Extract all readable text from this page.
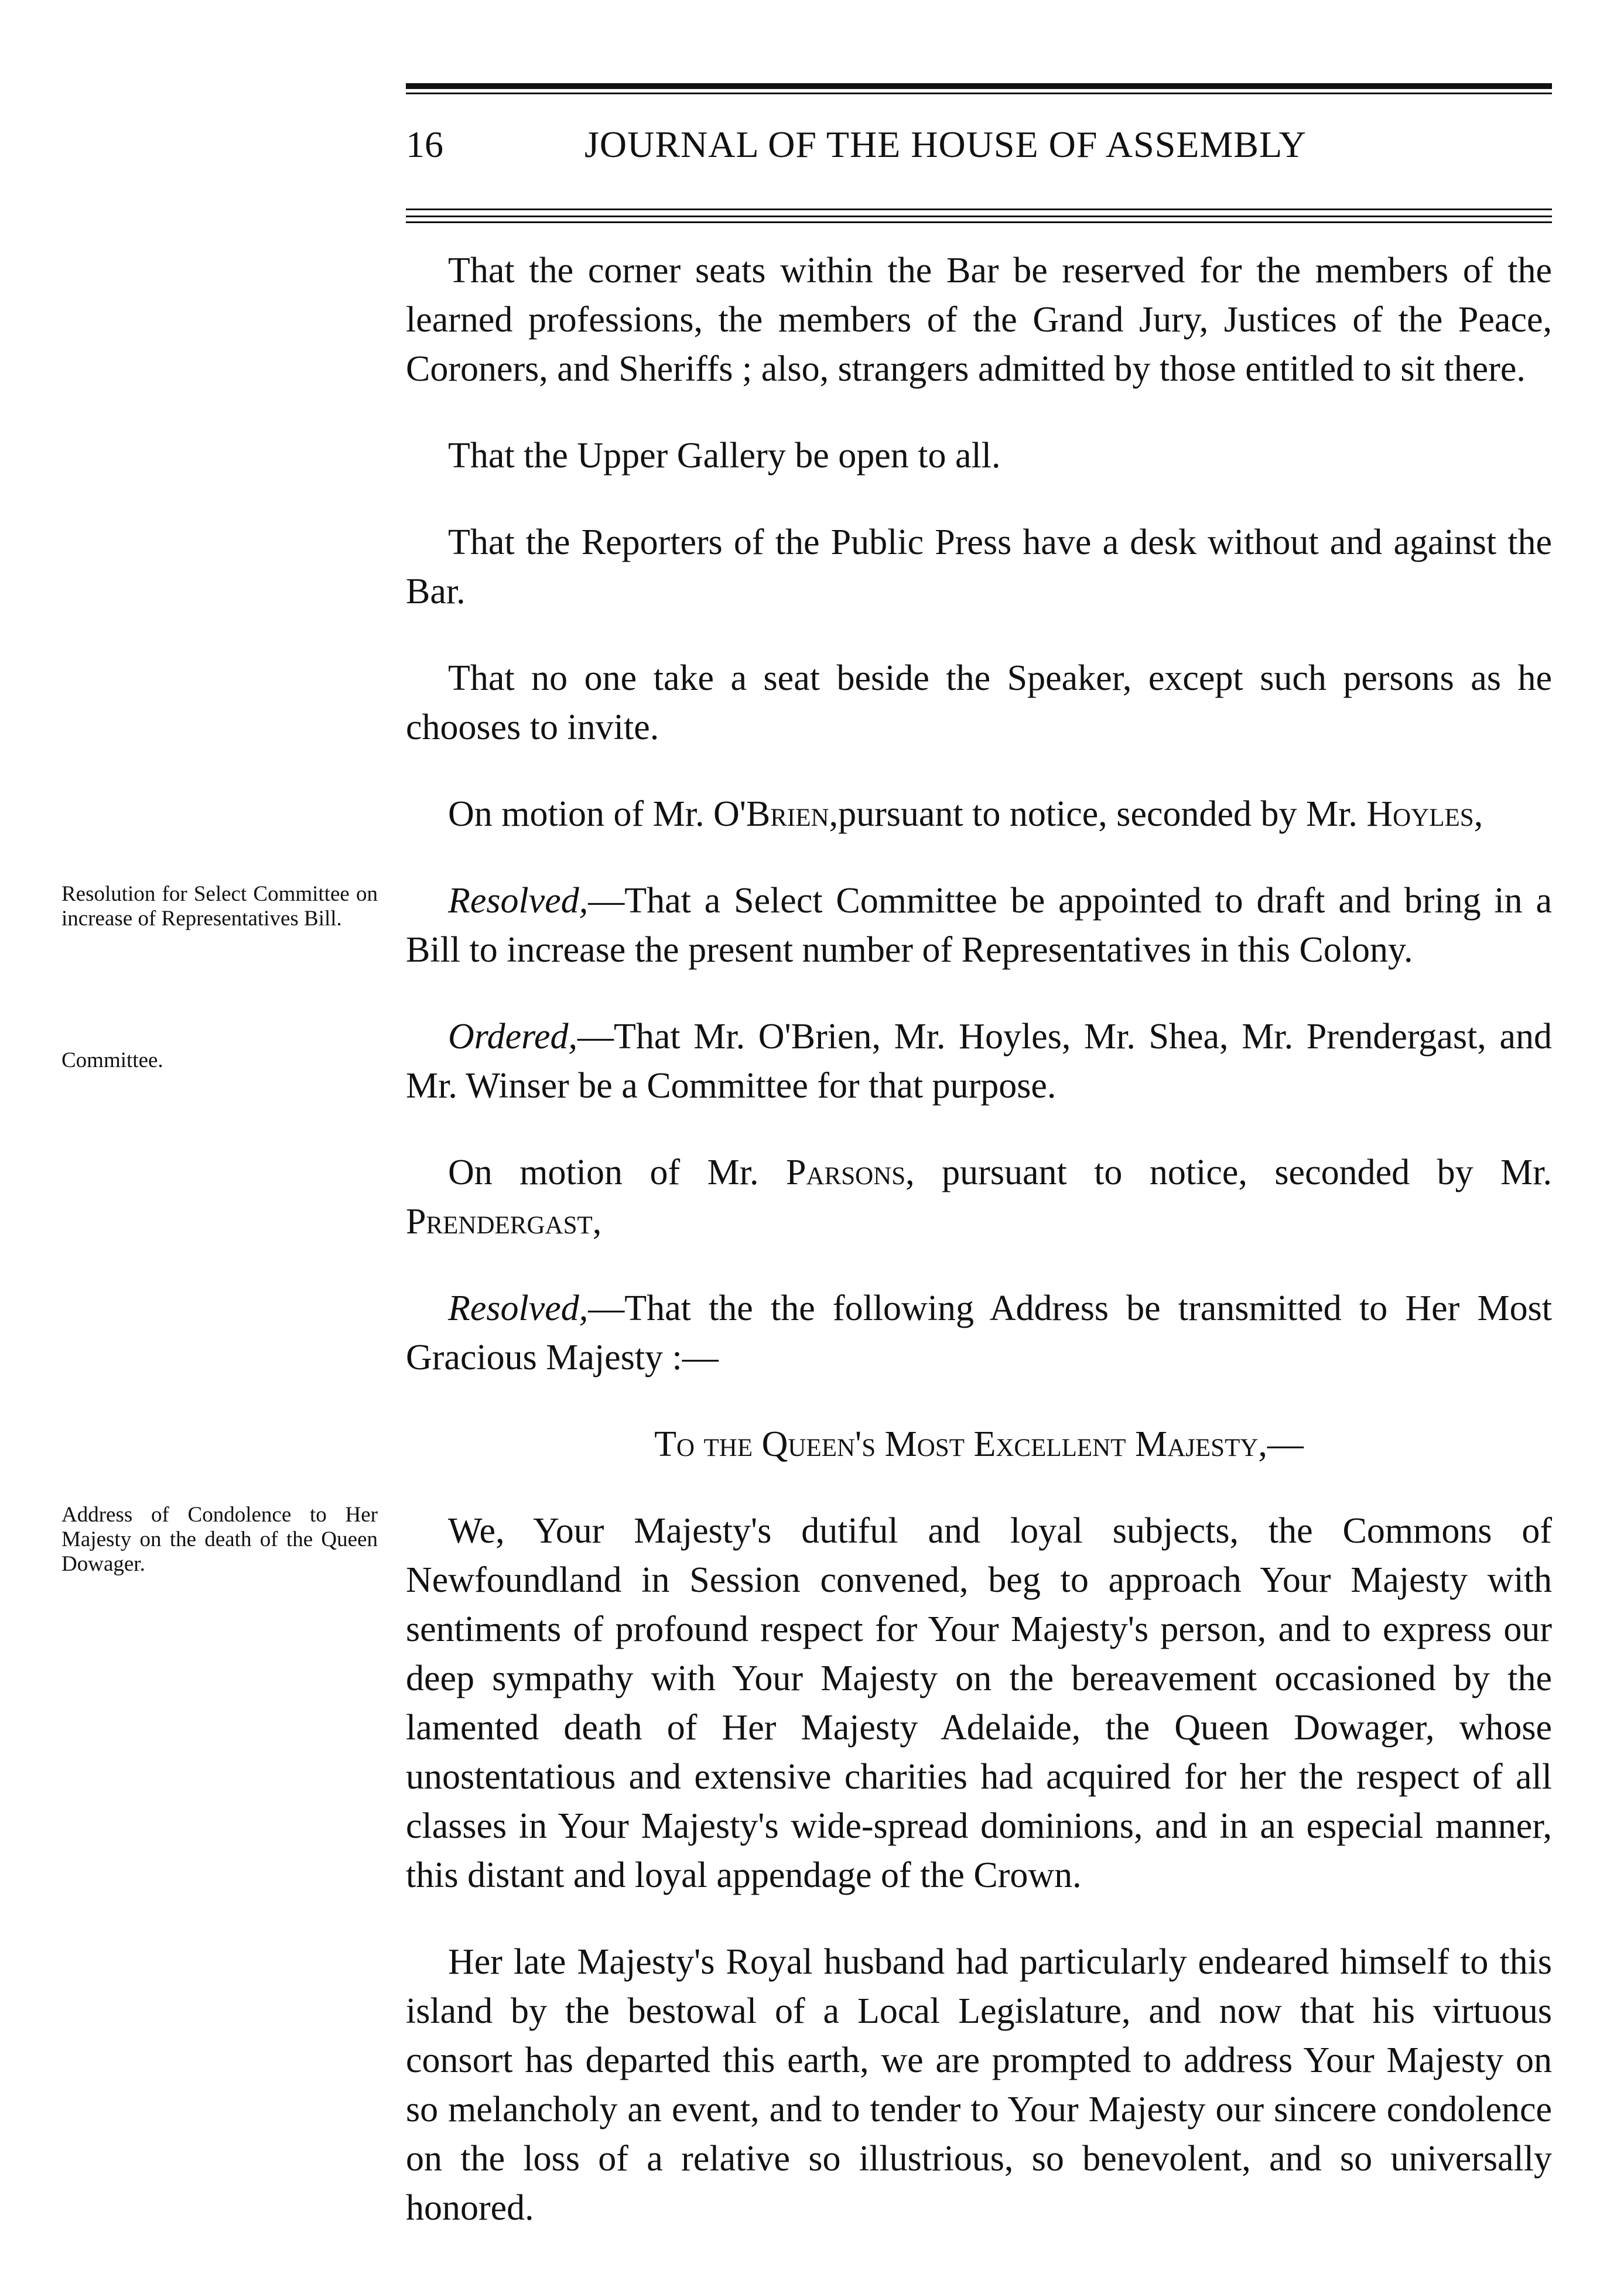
16	JOURNAL OF THE HOUSE OF ASSEMBLY
Resolution for Select Committee on increase of Representatives Bill.
Committee.
Address of Condolence to Her Majesty on the death of the Queen Dowager.

That the corner seats within the Bar be reserved for the members of the learned professions, the members of the Grand Jury, Justices of the Peace, Coroners, and Sheriffs ; also, strangers admitted by those entitled to sit there.

That the Upper Gallery be open to all.

That the Reporters of the Public Press have a desk without and against the Bar.

That no one take a seat beside the Speaker, except such persons as he chooses to invite.

On motion of Mr. O'Brien,pursuant to notice, seconded by Mr. Hoyles,

Resolved,—That a Select Committee be appointed to draft and bring in a Bill to increase the present number of Representatives in this Colony.

Ordered,—That Mr. O'Brien, Mr. Hoyles, Mr. Shea, Mr. Prendergast, and Mr. Winser be a Committee for that purpose.

On motion of Mr. Parsons, pursuant to notice, seconded by Mr. Prendergast,

Resolved,—That the the following Address be transmitted to Her Most Gracious Majesty :—

To the Queen's Most Excellent Majesty,—

We, Your Majesty's dutiful and loyal subjects, the Commons of Newfoundland in Session convened, beg to approach Your Majesty with sentiments of profound respect for Your Majesty's person, and to express our deep sympathy with Your Majesty on the bereavement occasioned by the lamented death of Her Majesty Adelaide, the Queen Dowager, whose unostentatious and extensive charities had acquired for her the respect of all classes in Your Majesty's wide-spread dominions, and in an especial manner, this distant and loyal appendage of the Crown.

Her late Majesty's Royal husband had particularly endeared himself to this island by the bestowal of a Local Legislature, and now that his virtuous consort has departed this earth, we are prompted to address Your Majesty on so melancholy an event, and to tender to Your Majesty our sincere condolence on the loss of a relative so illustrious, so benevolent, and so universally honored.
